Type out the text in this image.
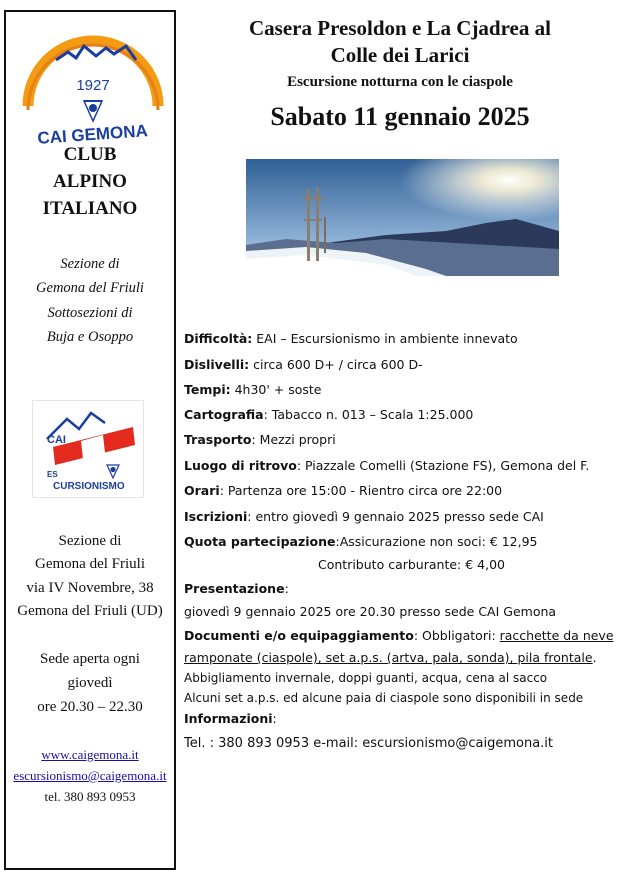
1927
CAI GEMONA
CLUB
ALPINO
ITALIANO
Sezione di
Gemona del Friuli
Sottosezioni di
Buja e Osoppo
CAI
ES
CURSIONISMO
Sezione di
Gemona del Friuli
via IV Novembre, 38
Gemona del Friuli (UD)
Sede aperta ogni
giovedì
ore 20.30 – 22.30
www.caigemona.it
escursionismo@caigemona.it
tel. 380 893 0953
Casera Presoldon e La Cjadrea al
Colle dei Larici
Escursione notturna con le ciaspole
Sabato 11 gennaio 2025
Difficoltà: EAI – Escursionismo in ambiente innevato
Dislivelli: circa 600 D+ / circa 600 D-
Tempi: 4h30' + soste
Cartografia: Tabacco n. 013 – Scala 1:25.000
Trasporto: Mezzi propri
Luogo di ritrovo: Piazzale Comelli (Stazione FS), Gemona del F.
Orari: Partenza ore 15:00 - Rientro circa ore 22:00
Iscrizioni: entro giovedì 9 gennaio 2025 presso sede CAI
Quota partecipazione:Assicurazione non soci: € 12,95
Contributo carburante: € 4,00
Presentazione:
giovedì 9 gennaio 2025 ore 20.30 presso sede CAI Gemona
Documenti e/o equipaggiamento: Obbligatori: racchette da neve
ramponate (ciaspole), set a.p.s. (artva, pala, sonda), pila frontale.
Abbigliamento invernale, doppi guanti, acqua, cena al sacco
Alcuni set a.p.s. ed alcune paia di ciaspole sono disponibili in sede
Informazioni:
Tel. : 380 893 0953 e-mail: escursionismo@caigemona.it
